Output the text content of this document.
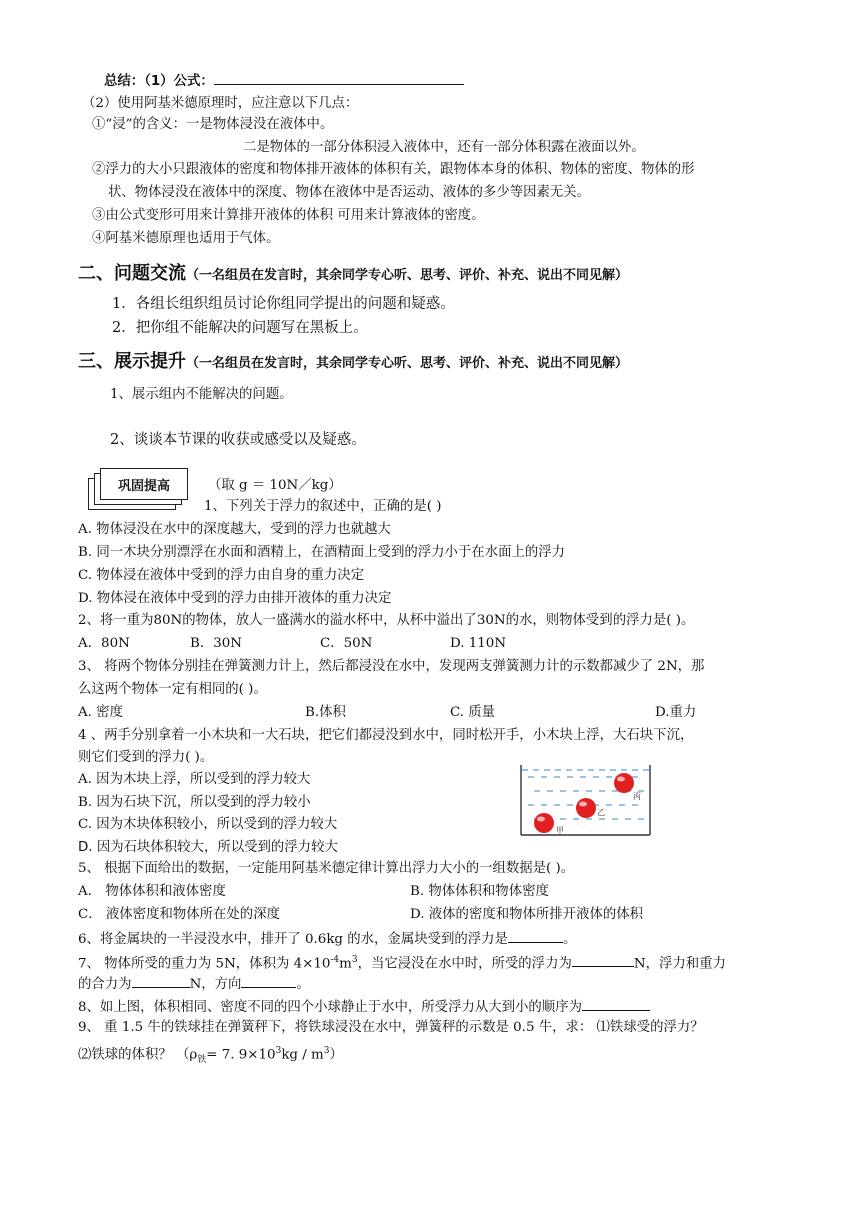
总结：（1）公式：
（2）使用阿基米德原理时，应注意以下几点：
①“浸”的含义：一是物体浸没在液体中。
二是物体的一部分体积浸入液体中，还有一部分体积露在液面以外。
②浮力的大小只跟液体的密度和物体排开液体的体积有关，跟物体本身的体积、物体的密度、物体的形
状、物体浸没在液体中的深度、物体在液体中是否运动、液体的多少等因素无关。
③由公式变形可用来计算排开液体的体积 可用来计算液体的密度。
④阿基米德原理也适用于气体。
二、问题交流（一名组员在发言时，其余同学专心听、思考、评价、补充、说出不同见解）
1．各组长组织组员讨论你组同学提出的问题和疑惑。
2．把你组不能解决的问题写在黑板上。
三、展示提升（一名组员在发言时，其余同学专心听、思考、评价、补充、说出不同见解）
1、展示组内不能解决的问题。
2、谈谈本节课的收获或感受以及疑惑。
巩固提高	（取 g ＝ 10N／kg）
1、下列关于浮力的叙述中，正确的是( )
A. 物体浸没在水中的深度越大，受到的浮力也就越大
B. 同一木块分别漂浮在水面和酒精上，在酒精面上受到的浮力小于在水面上的浮力
C. 物体浸在液体中受到的浮力由自身的重力决定
D. 物体浸在液体中受到的浮力由排开液体的重力决定
2、将一重为80N的物体，放人一盛满水的溢水杯中，从杯中溢出了30N的水，则物体受到的浮力是( )。
A．80N	B．30N	C．50N	D. 110N
3、 将两个物体分别挂在弹簧测力计上，然后都浸没在水中，发现两支弹簧测力计的示数都减少了 2N，那
么这两个物体一定有相同的( )。
A. 密度	B.体积	C. 质量	D.重力
4 、两手分别拿着一小木块和一大石块，把它们都浸没到水中，同时松开手，小木块上浮，大石块下沉，
则它们受到的浮力( )。
A. 因为木块上浮，所以受到的浮力较大
B. 因为石块下沉，所以受到的浮力较小
C. 因为木块体积较小，所以受到的浮力较大
D. 因为石块体积较大，所以受到的浮力较大
丙
乙
甲
5、 根据下面给出的数据，一定能用阿基米德定律计算出浮力大小的一组数据是( )。
A． 物体体积和液体密度	B. 物体体积和物体密度
C． 液体密度和物体所在处的深度	D. 液体的密度和物体所排开液体的体积
6、将金属块的一半浸没水中，排开了 0.6kg 的水，金属块受到的浮力是	。
7、 物体所受的重力为 5N，体积为 $4\times 10^{-4}m^3$，当它浸没在水中时，所受的浮力为	N，浮力和重力
的合力为	N，方向	。
8、如上图，体积相同、密度不同的四个小球静止于水中，所受浮力从大到小的顺序为
9、 重 1.5 牛的铁球挂在弹簧秤下，将铁球浸没在水中，弹簧秤的示数是 0.5 牛，求： ⑴铁球受的浮力？
⑵铁球的体积？ （$\rho_铁= 7$. $9\times 10^3kg / m^3$）
